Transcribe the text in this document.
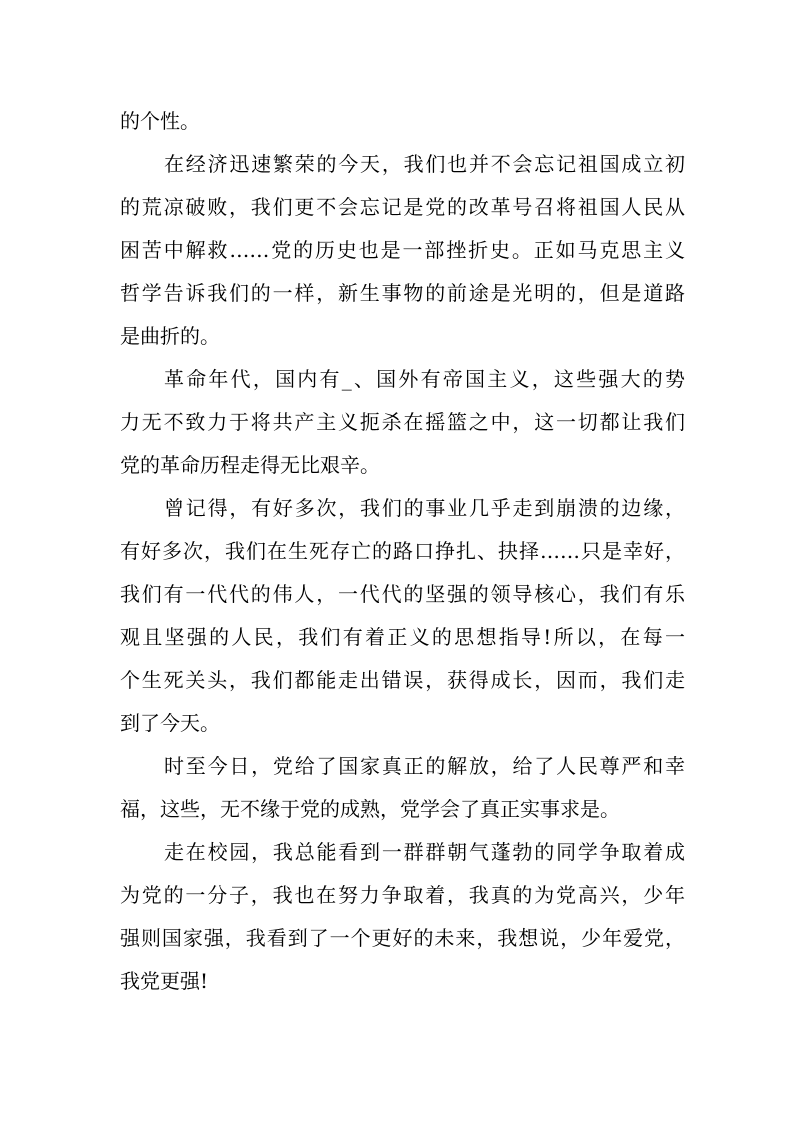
的个性。
在经济迅速繁荣的今天，我们也并不会忘记祖国成立初
的荒凉破败，我们更不会忘记是党的改革号召将祖国人民从
困苦中解救……党的历史也是一部挫折史。正如马克思主义
哲学告诉我们的一样，新生事物的前途是光明的，但是道路
是曲折的。
革命年代，国内有_、国外有帝国主义，这些强大的势
力无不致力于将共产主义扼杀在摇篮之中，这一切都让我们
党的革命历程走得无比艰辛。
曾记得，有好多次，我们的事业几乎走到崩溃的边缘，
有好多次，我们在生死存亡的路口挣扎、抉择……只是幸好，
我们有一代代的伟人，一代代的坚强的领导核心，我们有乐
观且坚强的人民，我们有着正义的思想指导!所以，在每一
个生死关头，我们都能走出错误，获得成长，因而，我们走
到了今天。
时至今日，党给了国家真正的解放，给了人民尊严和幸
福，这些，无不缘于党的成熟，党学会了真正实事求是。
走在校园，我总能看到一群群朝气蓬勃的同学争取着成
为党的一分子，我也在努力争取着，我真的为党高兴，少年
强则国家强，我看到了一个更好的未来，我想说，少年爱党，
我党更强!
